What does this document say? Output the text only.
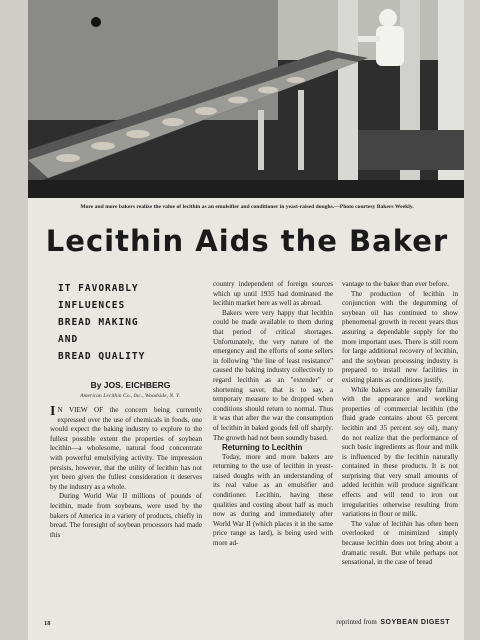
More and more bakers realize the value of lecithin as an emulsifier and conditioner in yeast-raised doughs.—Photo courtesy Bakers Weekly.
Lecithin Aids the Baker
IT FAVORABLY
INFLUENCES
BREAD MAKING
AND
BREAD QUALITY
By JOS. EICHBERG
American Lecithin Co., Inc., Woodside, N. Y.

I N VIEW OF the concern being currently expressed over the use of chemicals in foods, one would expect the baking industry to explore to the fullest possible extent the properties of soybean lecithin—a wholesome, natural food concentrate with powerful emulsifying activity. The impression persists, however, that the utility of lecithin has not yet been given the fullest consideration it deserves by the industry as a whole.

During World War II millions of pounds of lecithin, made from soybeans, were used by the bakers of America in a variety of products, chiefly in bread. The foresight of soybean processors had made this

country independent of foreign sources which up until 1935 had dominated the lecithin market here as well as abroad.

Bakers were very happy that lecithin could be made available to them during that period of critical shortages. Unfortunately, the very nature of the emergency and the efforts of some sellers in following "the line of least resistance" caused the baking industry collectively to regard lecithin as an "extender" or shortening saver, that is to say, a temporary measure to be dropped when conditions should return to normal. Thus it was that after the war the consumption of lecithin in baked goods fell off sharply. The growth had not been soundly based.

Returning to Lecithin

Today, more and more bakers are returning to the use of lecithin in yeast-raised doughs with an understanding of its real value as an emulsifier and conditioner. Lecithin, having these qualities and costing about half as much now as during and immediately after World War II (which places it in the same price range as lard), is being used with more ad-

vantage to the baker than ever before.

The production of lecithin in conjunction with the degumming of soybean oil has continued to show phenomenal growth in recent years thus assuring a dependable supply for the more important uses. There is still room for large additional recovery of lecithin, and the soybean processing industry is prepared to install new facilities in existing plants as conditions justify.

While bakers are generally familiar with the appearance and working properties of commercial lecithin (the fluid grade contains about 65 percent lecithin and 35 percent soy oil), many do not realize that the performance of such basic ingredients as flour and milk is influenced by the lecithin naturally contained in these products. It is not surprising that very small amounts of added lecithin will produce significant effects and will tend to iron out irregularities otherwise resulting from variations in flour or milk.

The value of lecithin has often been overlooked or minimized simply because lecithin does not bring about a dramatic result. But while perhaps not sensational, in the case of bread

18	reprinted from SOYBEAN DIGEST
